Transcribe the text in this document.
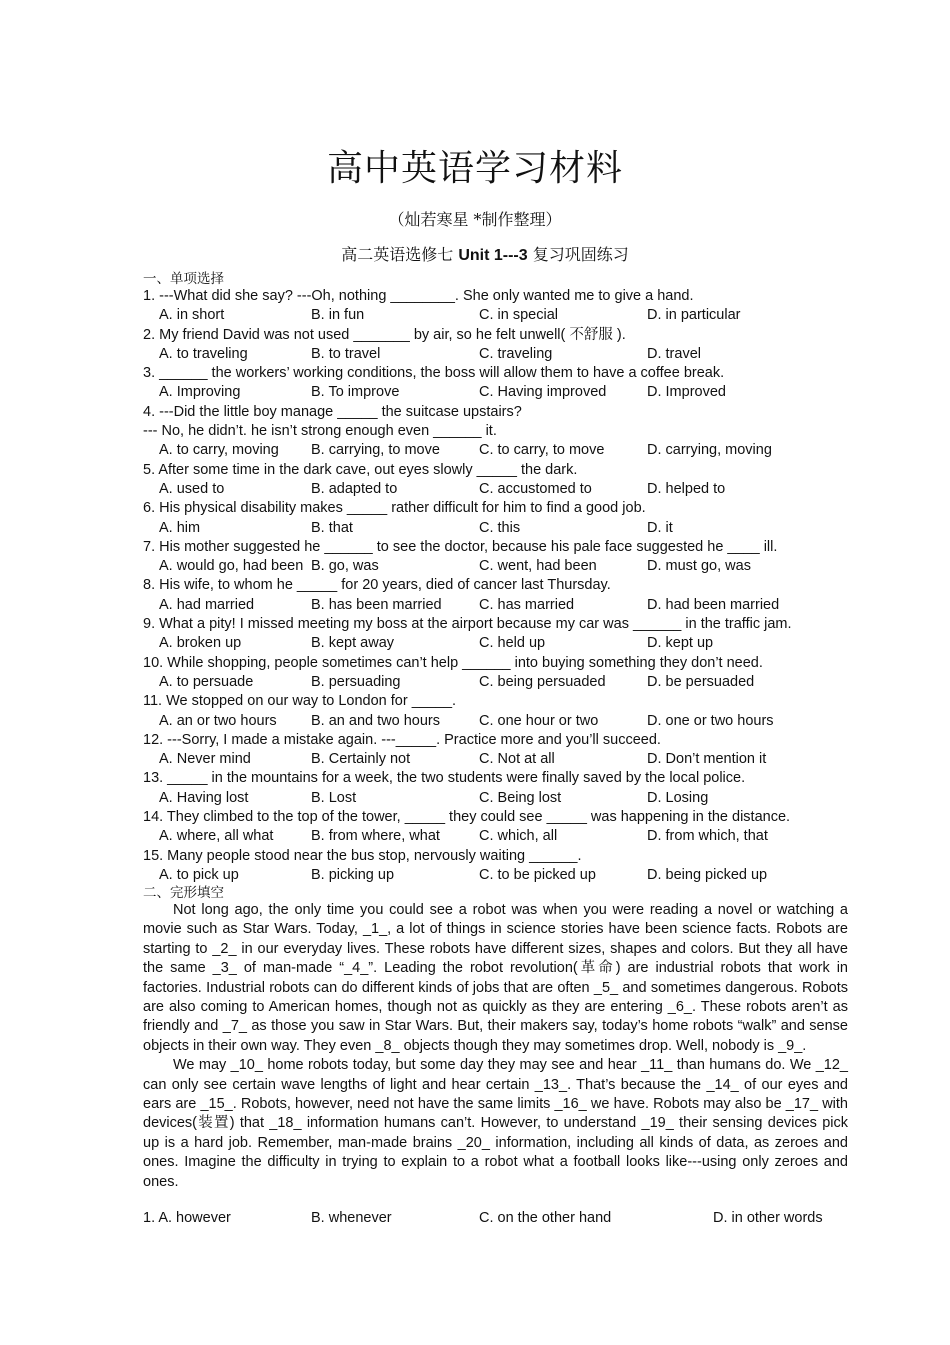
高中英语学习材料
（灿若寒星 *制作整理）
高二英语选修七 Unit 1---3 复习巩固练习
一、单项选择
1. ---What did she say? ---Oh, nothing ________. She only wanted me to give a hand.
A. in short	B. in fun	C. in special	D. in particular
2. My friend David was not used _______ by air, so he felt unwell( 不舒服 ).
A. to traveling	B. to travel	C. traveling	D. travel
3. ______ the workers’ working conditions, the boss will allow them to have a coffee break.
A. Improving	B. To improve	C. Having improved	D. Improved
4. ---Did the little boy manage _____ the suitcase upstairs?
--- No, he didn’t. he isn’t strong enough even ______ it.
A. to carry, moving B. carrying, to move	C. to carry, to move	D. carrying, moving
5. After some time in the dark cave, out eyes slowly _____ the dark.
A. used to	B. adapted to	C. accustomed to	D. helped to
6. His physical disability makes _____ rather difficult for him to find a good job.
A. him	B. that	C. this	D. it
7. His mother suggested he ______ to see the doctor, because his pale face suggested he ____ ill.
A. would go, had been B. go, was	C. went, had been	D. must go, was
8. His wife, to whom he _____ for 20 years, died of cancer last Thursday.
A. had married	B. has been married	C. has married	D. had been married
9. What a pity! I missed meeting my boss at the airport because my car was ______ in the traffic jam.
A. broken up	B. kept away	C. held up	D. kept up
10. While shopping, people sometimes can’t help ______ into buying something they don’t need.
A. to persuade	B. persuading	C. being persuaded	D. be persuaded
11. We stopped on our way to London for _____.
A. an or two hours B. an and two hours	C. one hour or two	D. one or two hours
12. ---Sorry, I made a mistake again. ---_____. Practice more and you’ll succeed.
A. Never mind	B. Certainly not	C. Not at all	D. Don’t mention it
13. _____ in the mountains for a week, the two students were finally saved by the local police.
A. Having lost	B. Lost	C. Being lost	D. Losing
14. They climbed to the top of the tower, _____ they could see _____ was happening in the distance.
A. where, all what	B. from where, what	C. which, all	D. from which, that
15. Many people stood near the bus stop, nervously waiting ______.
A. to pick up	B. picking up	C. to be picked up	D. being picked up
二、完形填空

Not long ago, the only time you could see a robot was when you were reading a novel or watching a movie such as Star Wars. Today, _1_, a lot of things in science stories have been science facts. Robots are starting to _2_ in our everyday lives. These robots have different sizes, shapes and colors. But they all have the same _3_ of man-made “_4_”. Leading the robot revolution(革命) are industrial robots that work in factories. Industrial robots can do different kinds of jobs that are often _5_ and sometimes dangerous. Robots are also coming to American homes, though not as quickly as they are entering _6_. These robots aren’t as friendly and _7_ as those you saw in Star Wars. But, their makers say, today’s home robots “walk” and sense objects in their own way. They even _8_ objects though they may sometimes drop. Well, nobody is _9_.

We may _10_ home robots today, but some day they may see and hear _11_ than humans do. We _12_ can only see certain wave lengths of light and hear certain _13_. That’s because the _14_ of our eyes and ears are _15_. Robots, however, need not have the same limits _16_ we have. Robots may also be _17_ with devices(装置) that _18_ information humans can’t. However, to understand _19_ their sensing devices pick up is a hard job. Remember, man-made brains _20_ information, including all kinds of data, as zeroes and ones. Imagine the difficulty in trying to explain to a robot what a football looks like---using only zeroes and ones.

1. A. however	B. whenever	C. on the other hand	D. in other words
